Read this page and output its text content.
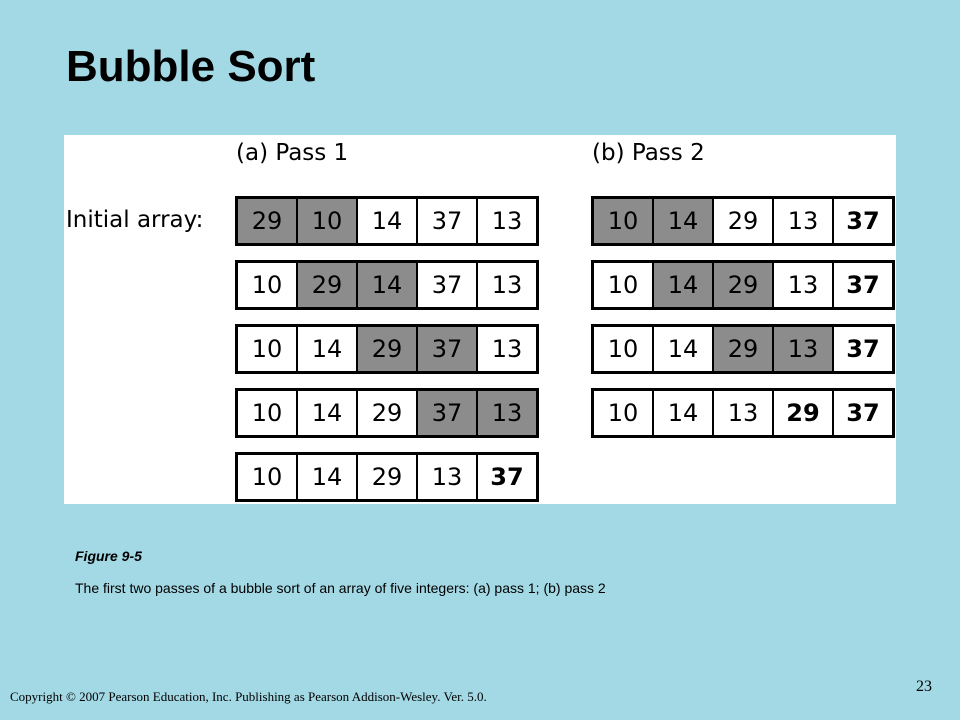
Bubble Sort
(a) Pass 1	(b) Pass 2
Initial array:	29	10	14	37	13
10	29	14	37	13
10	14	29	37	13
10	14	29	37	13
10	14	29	13	37
10	14	29	13	37
10	14	29	13	37
10	14	29	13	37
10	14	13	29	37
Figure 9-5
The first two passes of a bubble sort of an array of five integers: (a) pass 1; (b) pass 2
Copyright © 2007 Pearson Education, Inc. Publishing as Pearson Addison-Wesley. Ver. 5.0.
23
